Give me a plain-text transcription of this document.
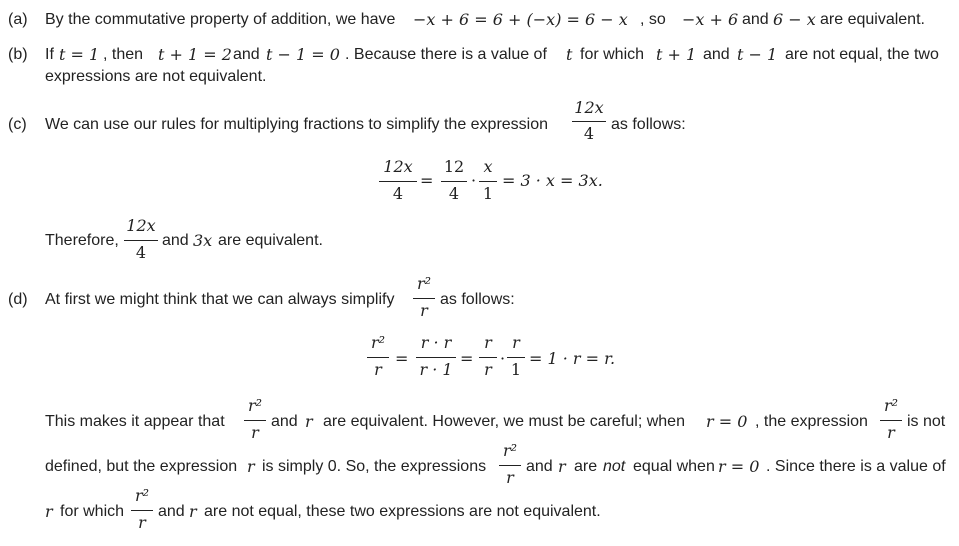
(a) By the commutative property of addition, we have −x + 6 = 6 + (−x) = 6 − x , so −x + 6 and 6 − x are equivalent.
(b) If t = 1 , then t + 1 = 2 and t − 1 = 0 . Because there is a value of t for which t + 1 and t − 1 are not equal, the two
expressions are not equivalent.
(c) We can use our rules for multiplying fractions to simplify the expression
12x
4	as follows:
12x
4
=
12
4
·
x
1
= 3 · x = 3x.
Therefore,
12x
4
and 3x are equivalent.
(d) At first we might think that we can always simplify
r²
r
as follows:
r²
r
=
r · r
r · 1
=
r
r
·
r
1
= 1 · r = r.
This makes it appear that
r²
r
and r are equivalent. However, we must be careful; when r = 0 , the expression
r²
r
is not
defined, but the expression r is simply 0. So, the expressions
r²
r
and r are not equal when r = 0 . Since there is a value of
r for which
r²
r
and r are not equal, these two expressions are not equivalent.
